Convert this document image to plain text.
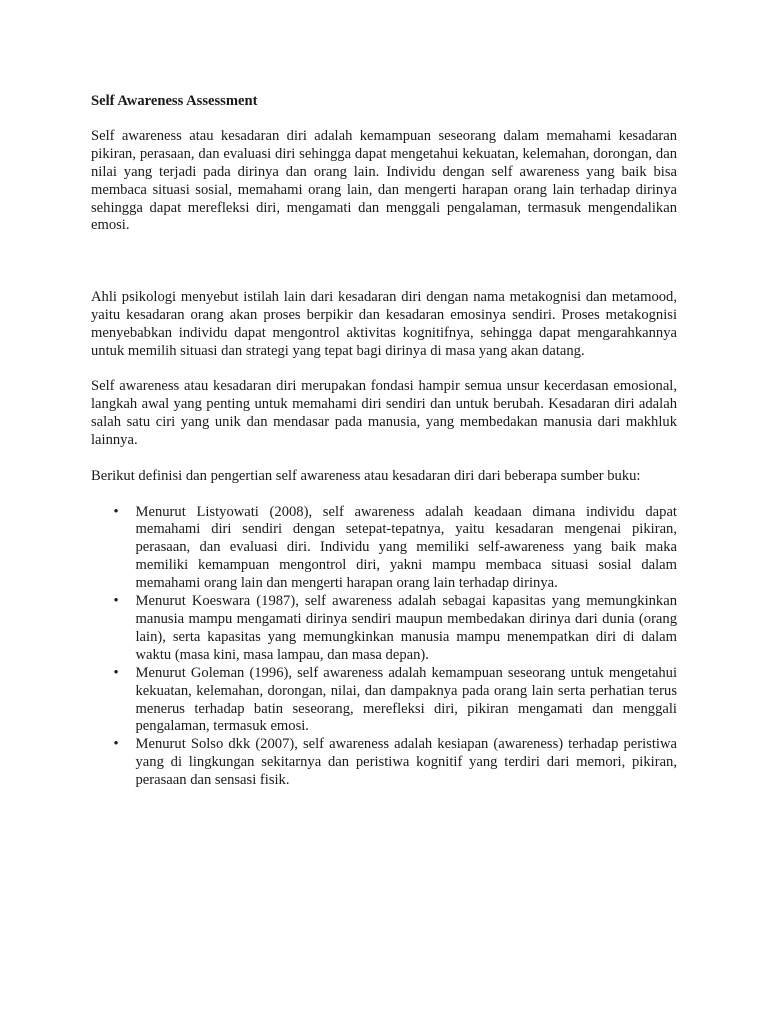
Self Awareness Assessment

Self awareness atau kesadaran diri adalah kemampuan seseorang dalam memahami kesadaran pikiran, perasaan, dan evaluasi diri sehingga dapat mengetahui kekuatan, kelemahan, dorongan, dan nilai yang terjadi pada dirinya dan orang lain. Individu dengan self awareness yang baik bisa membaca situasi sosial, memahami orang lain, dan mengerti harapan orang lain terhadap dirinya sehingga dapat merefleksi diri, mengamati dan menggali pengalaman, termasuk mengendalikan emosi.

Ahli psikologi menyebut istilah lain dari kesadaran diri dengan nama metakognisi dan metamood, yaitu kesadaran orang akan proses berpikir dan kesadaran emosinya sendiri. Proses metakognisi menyebabkan individu dapat mengontrol aktivitas kognitifnya, sehingga dapat mengarahkannya untuk memilih situasi dan strategi yang tepat bagi dirinya di masa yang akan datang.

Self awareness atau kesadaran diri merupakan fondasi hampir semua unsur kecerdasan emosional, langkah awal yang penting untuk memahami diri sendiri dan untuk berubah. Kesadaran diri adalah salah satu ciri yang unik dan mendasar pada manusia, yang membedakan manusia dari makhluk lainnya.

Berikut definisi dan pengertian self awareness atau kesadaran diri dari beberapa sumber buku:

• Menurut Listyowati (2008), self awareness adalah keadaan dimana individu dapat memahami diri sendiri dengan setepat-tepatnya, yaitu kesadaran mengenai pikiran, perasaan, dan evaluasi diri. Individu yang memiliki self-awareness yang baik maka memiliki kemampuan mengontrol diri, yakni mampu membaca situasi sosial dalam memahami orang lain dan mengerti harapan orang lain terhadap dirinya.
• Menurut Koeswara (1987), self awareness adalah sebagai kapasitas yang memungkinkan manusia mampu mengamati dirinya sendiri maupun membedakan dirinya dari dunia (orang lain), serta kapasitas yang memungkinkan manusia mampu menempatkan diri di dalam waktu (masa kini, masa lampau, dan masa depan).
• Menurut Goleman (1996), self awareness adalah kemampuan seseorang untuk mengetahui kekuatan, kelemahan, dorongan, nilai, dan dampaknya pada orang lain serta perhatian terus menerus terhadap batin seseorang, merefleksi diri, pikiran mengamati dan menggali pengalaman, termasuk emosi.
• Menurut Solso dkk (2007), self awareness adalah kesiapan (awareness) terhadap peristiwa yang di lingkungan sekitarnya dan peristiwa kognitif yang terdiri dari memori, pikiran, perasaan dan sensasi fisik.
